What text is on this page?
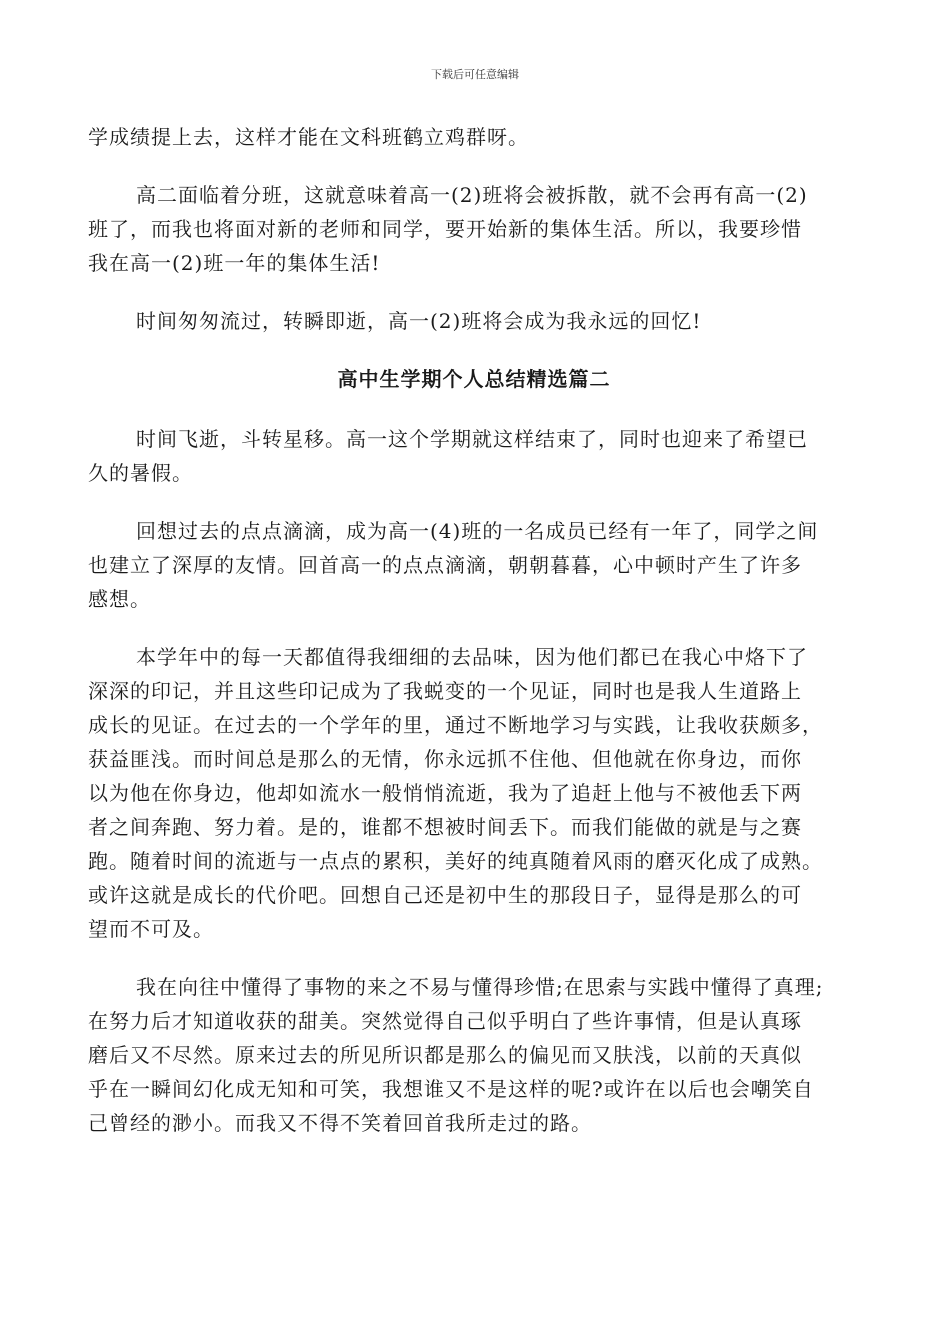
下载后可任意编辑
学成绩提上去，这样才能在文科班鹤立鸡群呀。
高二面临着分班，这就意味着高一(2)班将会被拆散，就不会再有高一(2)
班了，而我也将面对新的老师和同学，要开始新的集体生活。所以，我要珍惜
我在高一(2)班一年的集体生活!
时间匆匆流过，转瞬即逝，高一(2)班将会成为我永远的回忆!
高中生学期个人总结精选篇二
时间飞逝，斗转星移。高一这个学期就这样结束了，同时也迎来了希望已
久的暑假。
回想过去的点点滴滴，成为高一(4)班的一名成员已经有一年了，同学之间
也建立了深厚的友情。回首高一的点点滴滴，朝朝暮暮，心中顿时产生了许多
感想。
本学年中的每一天都值得我细细的去品味，因为他们都已在我心中烙下了
深深的印记，并且这些印记成为了我蜕变的一个见证，同时也是我人生道路上
成长的见证。在过去的一个学年的里，通过不断地学习与实践，让我收获颇多，
获益匪浅。而时间总是那么的无情，你永远抓不住他、但他就在你身边，而你
以为他在你身边，他却如流水一般悄悄流逝，我为了追赶上他与不被他丢下两
者之间奔跑、努力着。是的，谁都不想被时间丢下。而我们能做的就是与之赛
跑。随着时间的流逝与一点点的累积，美好的纯真随着风雨的磨灭化成了成熟。
或许这就是成长的代价吧。回想自己还是初中生的那段日子，显得是那么的可
望而不可及。
我在向往中懂得了事物的来之不易与懂得珍惜;在思索与实践中懂得了真理;
在努力后才知道收获的甜美。突然觉得自己似乎明白了些许事情，但是认真琢
磨后又不尽然。原来过去的所见所识都是那么的偏见而又肤浅，以前的天真似
乎在一瞬间幻化成无知和可笑，我想谁又不是这样的呢?或许在以后也会嘲笑自
己曾经的渺小。而我又不得不笑着回首我所走过的路。
